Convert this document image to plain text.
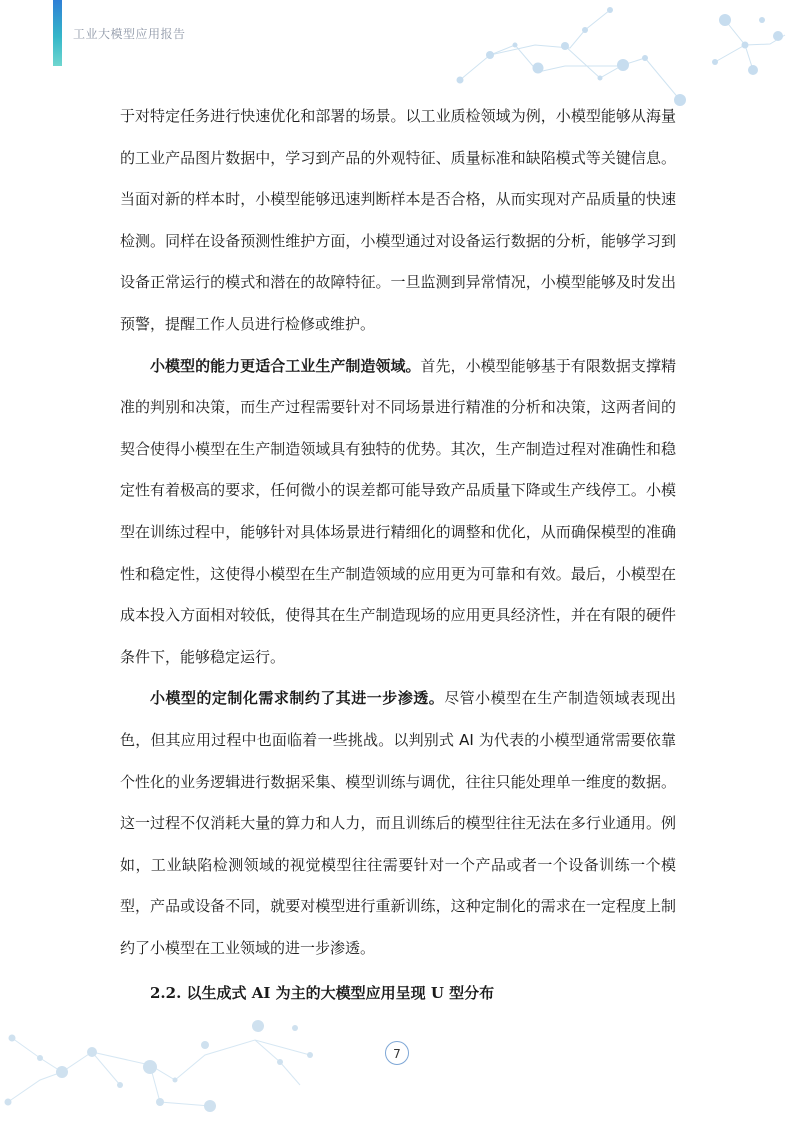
工业大模型应用报告

于对特定任务进行快速优化和部署的场景。以工业质检领域为例，小模型能够从海量的工业产品图片数据中，学习到产品的外观特征、质量标准和缺陷模式等关键信息。当面对新的样本时，小模型能够迅速判断样本是否合格，从而实现对产品质量的快速检测。同样在设备预测性维护方面，小模型通过对设备运行数据的分析，能够学习到设备正常运行的模式和潜在的故障特征。一旦监测到异常情况，小模型能够及时发出预警，提醒工作人员进行检修或维护。

小模型的能力更适合工业生产制造领域。首先，小模型能够基于有限数据支撑精准的判别和决策，而生产过程需要针对不同场景进行精准的分析和决策，这两者间的契合使得小模型在生产制造领域具有独特的优势。其次，生产制造过程对准确性和稳定性有着极高的要求，任何微小的误差都可能导致产品质量下降或生产线停工。小模型在训练过程中，能够针对具体场景进行精细化的调整和优化，从而确保模型的准确性和稳定性，这使得小模型在生产制造领域的应用更为可靠和有效。最后，小模型在成本投入方面相对较低，使得其在生产制造现场的应用更具经济性，并在有限的硬件条件下，能够稳定运行。

小模型的定制化需求制约了其进一步渗透。尽管小模型在生产制造领域表现出色，但其应用过程中也面临着一些挑战。以判别式 AI 为代表的小模型通常需要依靠个性化的业务逻辑进行数据采集、模型训练与调优，往往只能处理单一维度的数据。这一过程不仅消耗大量的算力和人力，而且训练后的模型往往无法在多行业通用。例如，工业缺陷检测领域的视觉模型往往需要针对一个产品或者一个设备训练一个模型，产品或设备不同，就要对模型进行重新训练，这种定制化的需求在一定程度上制约了小模型在工业领域的进一步渗透。

2.2. 以生成式 AI 为主的大模型应用呈现 U 型分布
7
